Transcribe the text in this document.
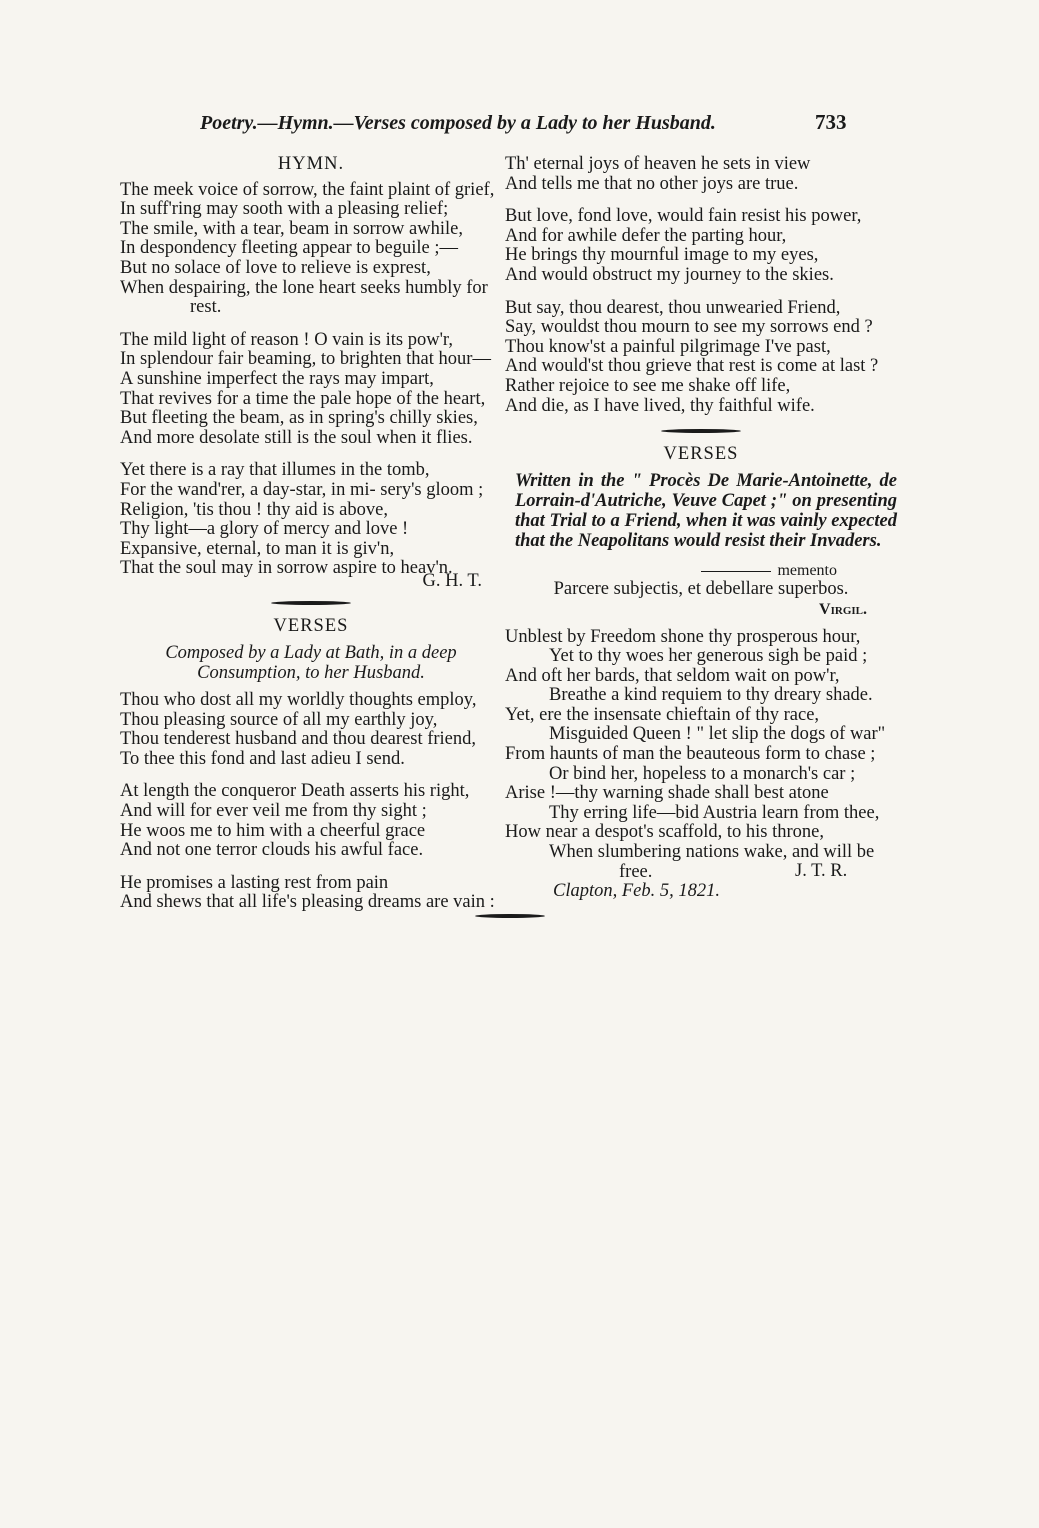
Poetry.—Hymn.—Verses composed by a Lady to her Husband.	733
HYMN.
The meek voice of sorrow, the faint plaint of grief,
In suff'ring may sooth with a pleasing relief;
The smile, with a tear, beam in sorrow awhile,
In despondency fleeting appear to beguile ;—
But no solace of love to relieve is exprest,
When despairing, the lone heart seeks humbly for rest.
The mild light of reason ! O vain is its pow'r,
In splendour fair beaming, to brighten that hour—
A sunshine imperfect the rays may impart,
That revives for a time the pale hope of the heart,
But fleeting the beam, as in spring's chilly skies,
And more desolate still is the soul when it flies.
Yet there is a ray that illumes in the tomb,
For the wand'rer, a day-star, in mi- sery's gloom ;
Religion, 'tis thou ! thy aid is above,
Thy light—a glory of mercy and love !
Expansive, eternal, to man it is giv'n,
That the soul may in sorrow aspire to heav'n.
G. H. T.
VERSES
Composed by a Lady at Bath, in a deep Consumption, to her Husband.
Thou who dost all my worldly thoughts employ,
Thou pleasing source of all my earthly joy,
Thou tenderest husband and thou dearest friend,
To thee this fond and last adieu I send.
At length the conqueror Death asserts his right,
And will for ever veil me from thy sight ;
He woos me to him with a cheerful grace
And not one terror clouds his awful face.
He promises a lasting rest from pain
And shews that all life's pleasing dreams are vain :
Th' eternal joys of heaven he sets in view
And tells me that no other joys are true.
But love, fond love, would fain resist his power,
And for awhile defer the parting hour,
He brings thy mournful image to my eyes,
And would obstruct my journey to the skies.
But say, thou dearest, thou unwearied Friend,
Say, wouldst thou mourn to see my sorrows end ?
Thou know'st a painful pilgrimage I've past,
And would'st thou grieve that rest is come at last ?
Rather rejoice to see me shake off life,
And die, as I have lived, thy faithful wife.
VERSES
Written in the " Procès De Marie-Antoinette, de Lorrain-d'Autriche, Veuve Capet ;" on presenting that Trial to a Friend, when it was vainly expected that the Neapolitans would resist their Invaders.
memento
Parcere subjectis, et debellare superbos.
Virgil.
Unblest by Freedom shone thy prosperous hour,
Yet to thy woes her generous sigh be paid ;
And oft her bards, that seldom wait on pow'r,
Breathe a kind requiem to thy dreary shade.
Yet, ere the insensate chieftain of thy race,
Misguided Queen ! " let slip the dogs of war"
From haunts of man the beauteous form to chase ;
Or bind her, hopeless to a monarch's car ;
Arise !—thy warning shade shall best atone
Thy erring life—bid Austria learn from thee,
How near a despot's scaffold, to his throne,
When slumbering nations wake, and will be free.
Clapton, Feb. 5, 1821.
J. T. R.
